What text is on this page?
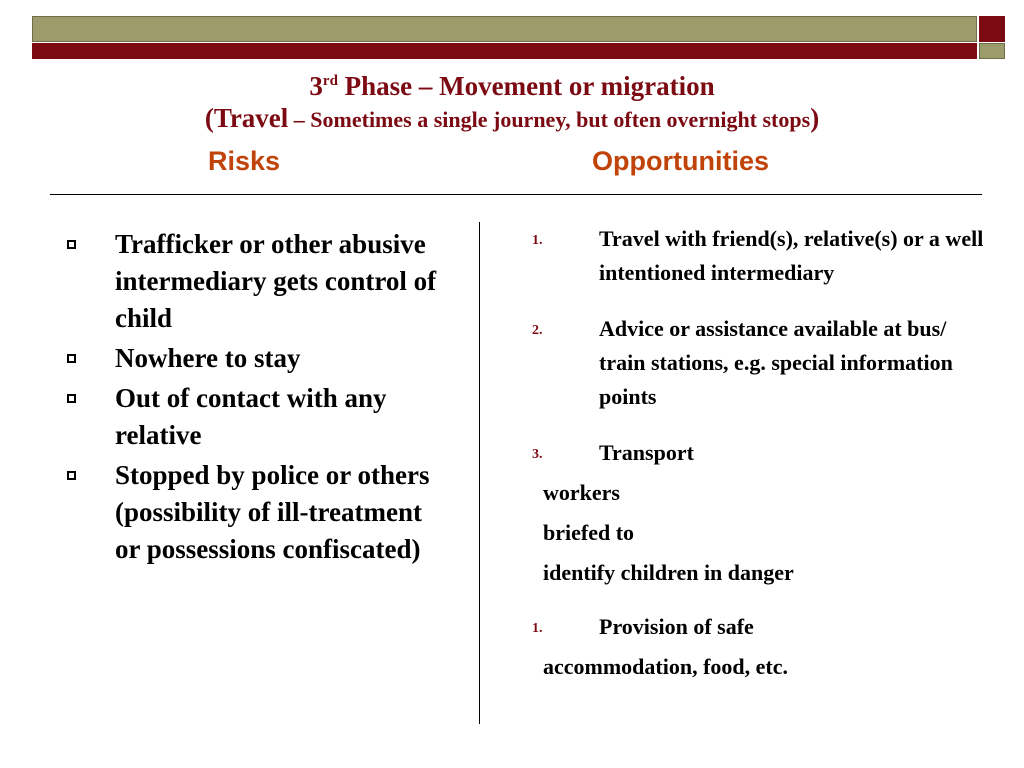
3rd Phase – Movement or migration
(Travel – Sometimes a single journey, but often overnight stops)
Risks	Opportunities
Trafficker or other abusive intermediary gets control of child
Nowhere to stay
Out of contact with any relative
Stopped by police or others (possibility of ill-treatment or possessions confiscated)
1.	Travel with friend(s), relative(s) or a well intentioned intermediary
2.	Advice or assistance available at bus/ train stations, e.g. special information points
3.	Transport
workers
briefed to
identify children in danger
1.	Provision of safe
accommodation, food, etc.
